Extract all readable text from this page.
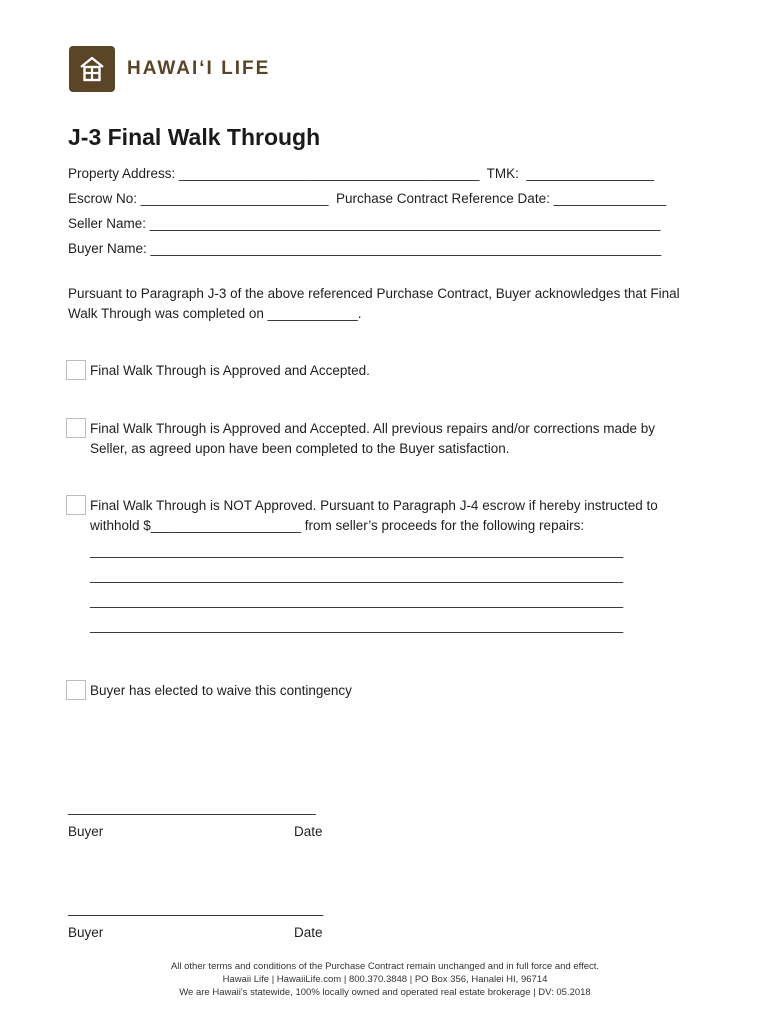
HAWAIʻI LIFE
J-3 Final Walk Through
Property Address: ________________________________________  TMK:  _________________
Escrow No: _________________________  Purchase Contract Reference Date: _______________
Seller Name: ____________________________________________________________________
Buyer Name: ____________________________________________________________________
Pursuant to Paragraph J-3 of the above referenced Purchase Contract, Buyer acknowledges that Final Walk Through was completed on ____________.
Final Walk Through is Approved and Accepted.
Final Walk Through is Approved and Accepted. All previous repairs and/or corrections made by Seller, as agreed upon have been completed to the Buyer satisfaction.
Final Walk Through is NOT Approved. Pursuant to Paragraph J-4 escrow if hereby instructed to withhold $____________________ from seller’s proceeds for the following repairs:
_______________________________________________________________________
_______________________________________________________________________
_______________________________________________________________________
_______________________________________________________________________
Buyer has elected to waive this contingency
_________________________________
Buyer	Date
__________________________________
Buyer	Date
All other terms and conditions of the Purchase Contract remain unchanged and in full force and effect.
Hawaii Life | HawaiiLife.com | 800.370.3848 | PO Box 356, Hanalei HI, 96714
We are Hawaii's statewide, 100% locally owned and operated real estate brokerage | DV: 05.2018
